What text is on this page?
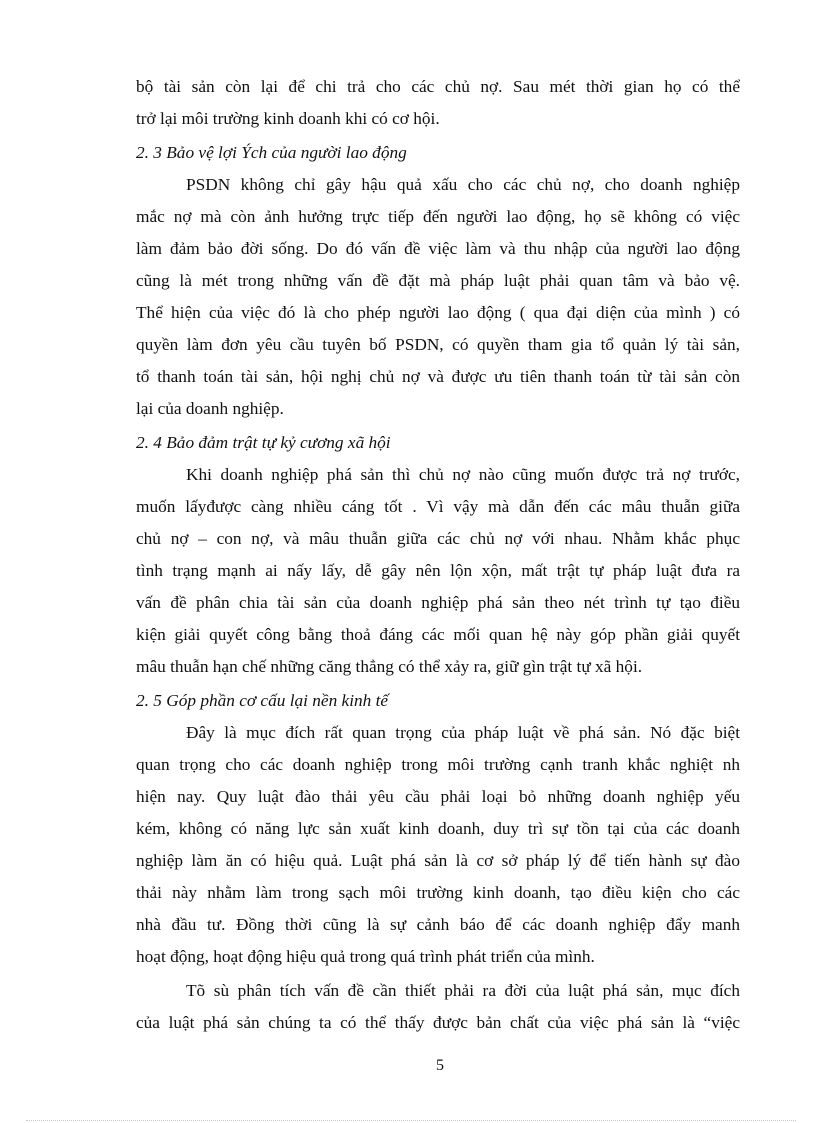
bộ tài sản còn lại để chi trả cho các chủ nợ. Sau mét thời gian họ có thể
trở lại môi trường kinh doanh khi có cơ hội.
2. 3 Bảo vệ lợi Ých của người lao động
PSDN không chỉ gây hậu quả xấu cho các chủ nợ, cho doanh nghiệp
mắc nợ mà còn ảnh hưởng trực tiếp đến người lao động, họ sẽ không có việc
làm đảm bảo đời sống. Do đó vấn đề việc làm và thu nhập của người lao động
cũng là mét trong những vấn đề đặt mà pháp luật phải quan tâm và bảo vệ.
Thể hiện của việc đó là cho phép người lao động ( qua đại diện của mình ) có
quyền làm đơn yêu cầu tuyên bố PSDN, có quyền tham gia tổ quản lý tài sản,
tổ thanh toán tài sản, hội nghị chủ nợ và được ưu tiên thanh toán từ tài sản còn
lại của doanh nghiệp.
2. 4 Bảo đảm trật tự kỷ cương xã hội
Khi doanh nghiệp phá sản thì chủ nợ nào cũng muốn được trả nợ trước,
muốn lấyđược càng nhiều cáng tốt . Vì vậy mà dẫn đến các mâu thuẫn giữa
chủ nợ – con nợ, và mâu thuẫn giữa các chủ nợ với nhau. Nhằm khắc phục
tình trạng mạnh ai nấy lấy, dễ gây nên lộn xộn, mất trật tự pháp luật đưa ra
vấn đề phân chia tài sản của doanh nghiệp phá sản theo nét trình tự tạo điều
kiện giải quyết công bằng thoả đáng các mối quan hệ này góp phần giải quyết
mâu thuẫn hạn chế những căng thẳng có thể xảy ra, giữ gìn trật tự xã hội.
2. 5 Góp phần cơ cấu lại nền kinh tế
Đây là mục đích rất quan trọng của pháp luật về phá sản. Nó đặc biệt
quan trọng cho các doanh nghiệp trong môi trường cạnh tranh khắc nghiệt nh
hiện nay. Quy luật đào thải yêu cầu phải loại bỏ những doanh nghiệp yếu
kém, không có năng lực sản xuất kinh doanh, duy trì sự tồn tại của các doanh
nghiệp làm ăn có hiệu quả. Luật phá sản là cơ sở pháp lý để tiến hành sự đào
thải này nhằm làm trong sạch môi trường kinh doanh, tạo điều kiện cho các
nhà đầu tư. Đồng thời cũng là sự cảnh báo để các doanh nghiệp đẩy manh
hoạt động, hoạt động hiệu quả trong quá trình phát triển của mình.
Tõ sù phân tích vấn đề cần thiết phải ra đời của luật phá sản, mục đích
của luật phá sản chúng ta có thể thấy được bản chất của việc phá sản là “việc
5
